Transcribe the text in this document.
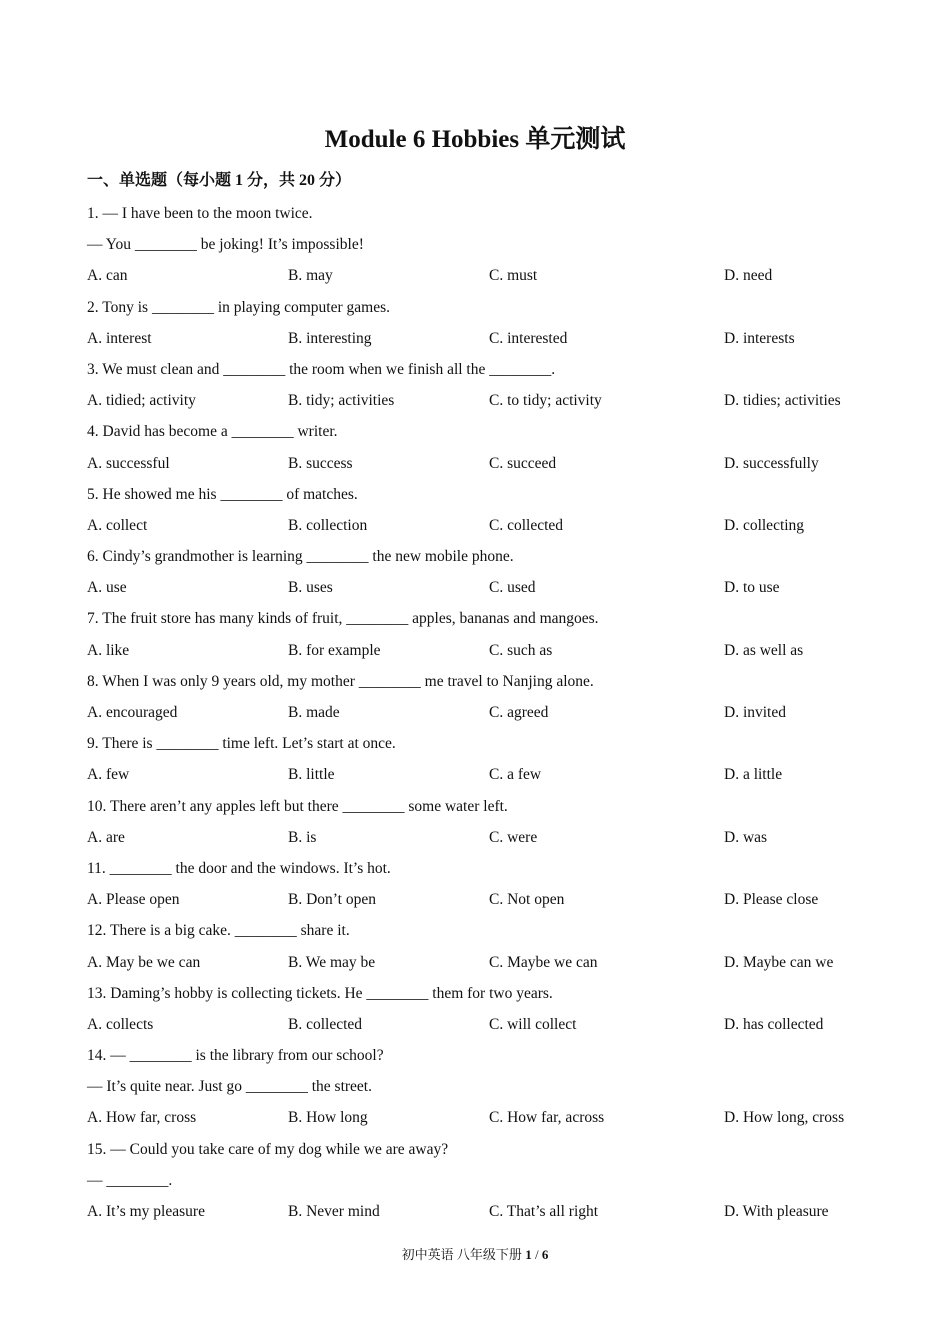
Module 6 Hobbies 单元测试
一、单选题（每小题 1 分，共 20 分）
1. — I have been to the moon twice.
— You ________ be joking! It’s impossible!
A. can	B. may	C. must	D. need
2. Tony is ________ in playing computer games.
A. interest	B. interesting	C. interested	D. interests
3. We must clean and ________ the room when we finish all the ________.
A. tidied; activity	B. tidy; activities	C. to tidy; activity	D. tidies; activities
4. David has become a ________ writer.
A. successful	B. success	C. succeed	D. successfully
5. He showed me his ________ of matches.
A. collect	B. collection	C. collected	D. collecting
6. Cindy’s grandmother is learning ________ the new mobile phone.
A. use	B. uses	C. used	D. to use
7. The fruit store has many kinds of fruit, ________ apples, bananas and mangoes.
A. like	B. for example	C. such as	D. as well as
8. When I was only 9 years old, my mother ________ me travel to Nanjing alone.
A. encouraged	B. made	C. agreed	D. invited
9. There is ________ time left. Let’s start at once.
A. few	B. little	C. a few	D. a little
10. There aren’t any apples left but there ________ some water left.
A. are	B. is	C. were	D. was
11. ________ the door and the windows. It’s hot.
A. Please open	B. Don’t open	C. Not open	D. Please close
12. There is a big cake. ________ share it.
A. May be we can	B. We may be	C. Maybe we can	D. Maybe can we
13. Daming’s hobby is collecting tickets. He ________ them for two years.
A. collects	B. collected	C. will collect	D. has collected
14. — ________ is the library from our school?
— It’s quite near. Just go ________ the street.
A. How far, cross	B. How long	C. How far, across	D. How long, cross
15. — Could you take care of my dog while we are away?
— ________.
A. It’s my pleasure	B. Never mind	C. That’s all right	D. With pleasure
初中英语 八年级下册 1 / 6
